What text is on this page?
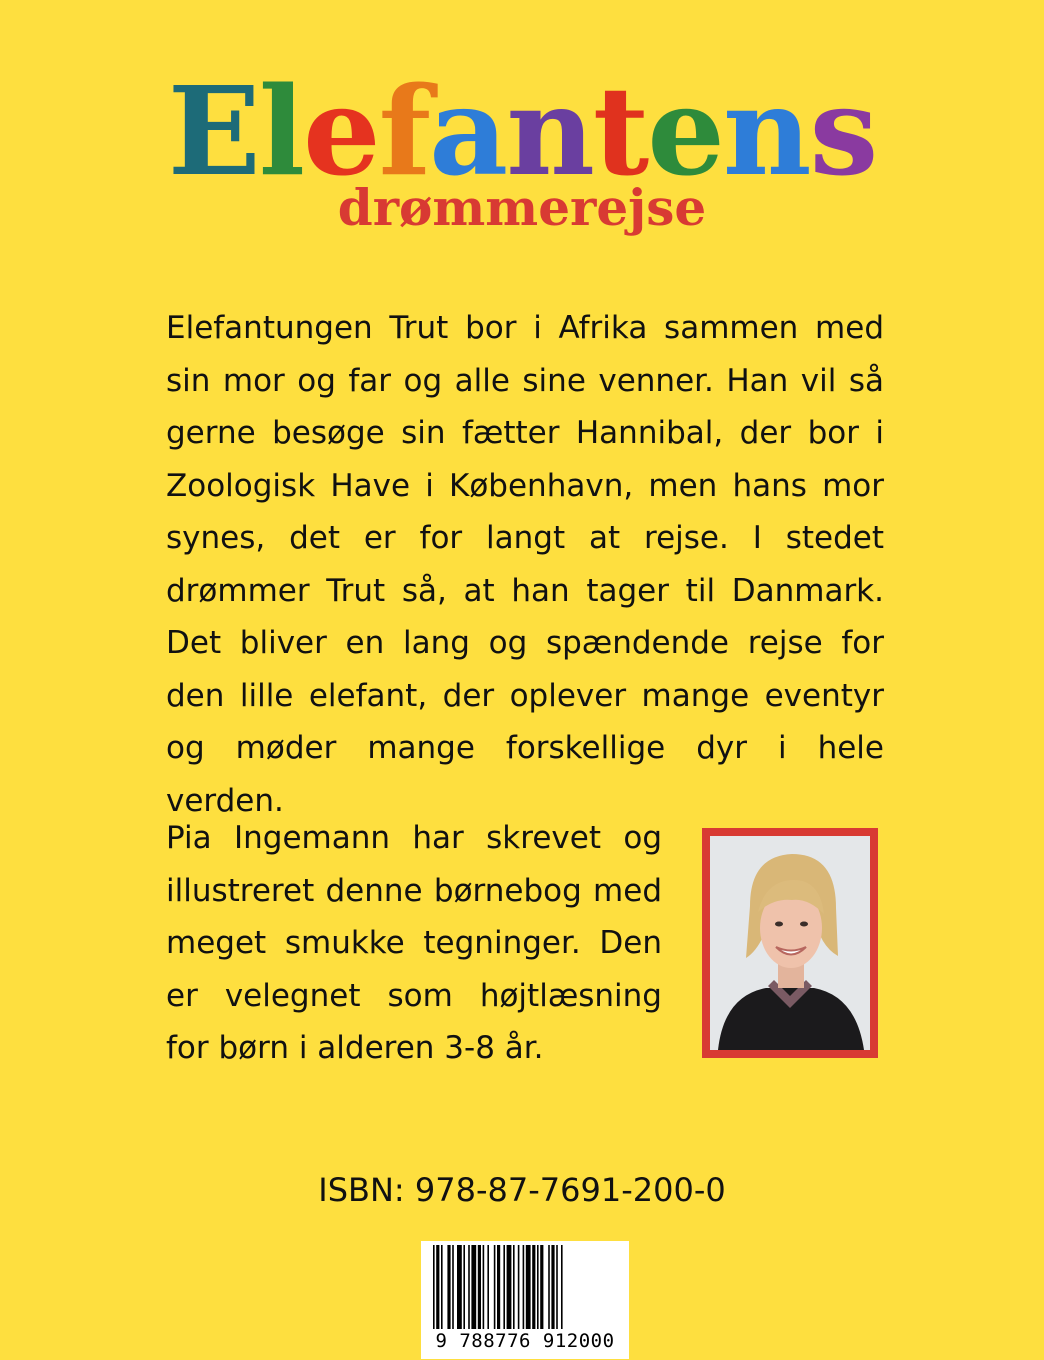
Elefantens
drømmerejse

Elefantungen Trut bor i Afrika sammen med sin mor og far og alle sine venner. Han vil så gerne besøge sin fætter Hannibal, der bor i Zoologisk Have i København, men hans mor synes, det er for langt at rejse. I stedet drømmer Trut så, at han tager til Danmark. Det bliver en lang og spændende rejse for den lille elefant, der oplever mange eventyr og møder mange forskellige dyr i hele verden.

Pia Ingemann har skrevet og illustreret denne børnebog med meget smukke tegninger. Den er velegnet som højtlæsning for børn i alderen 3-8 år.

ISBN: 978-87-7691-200-0
9 788776 912000
